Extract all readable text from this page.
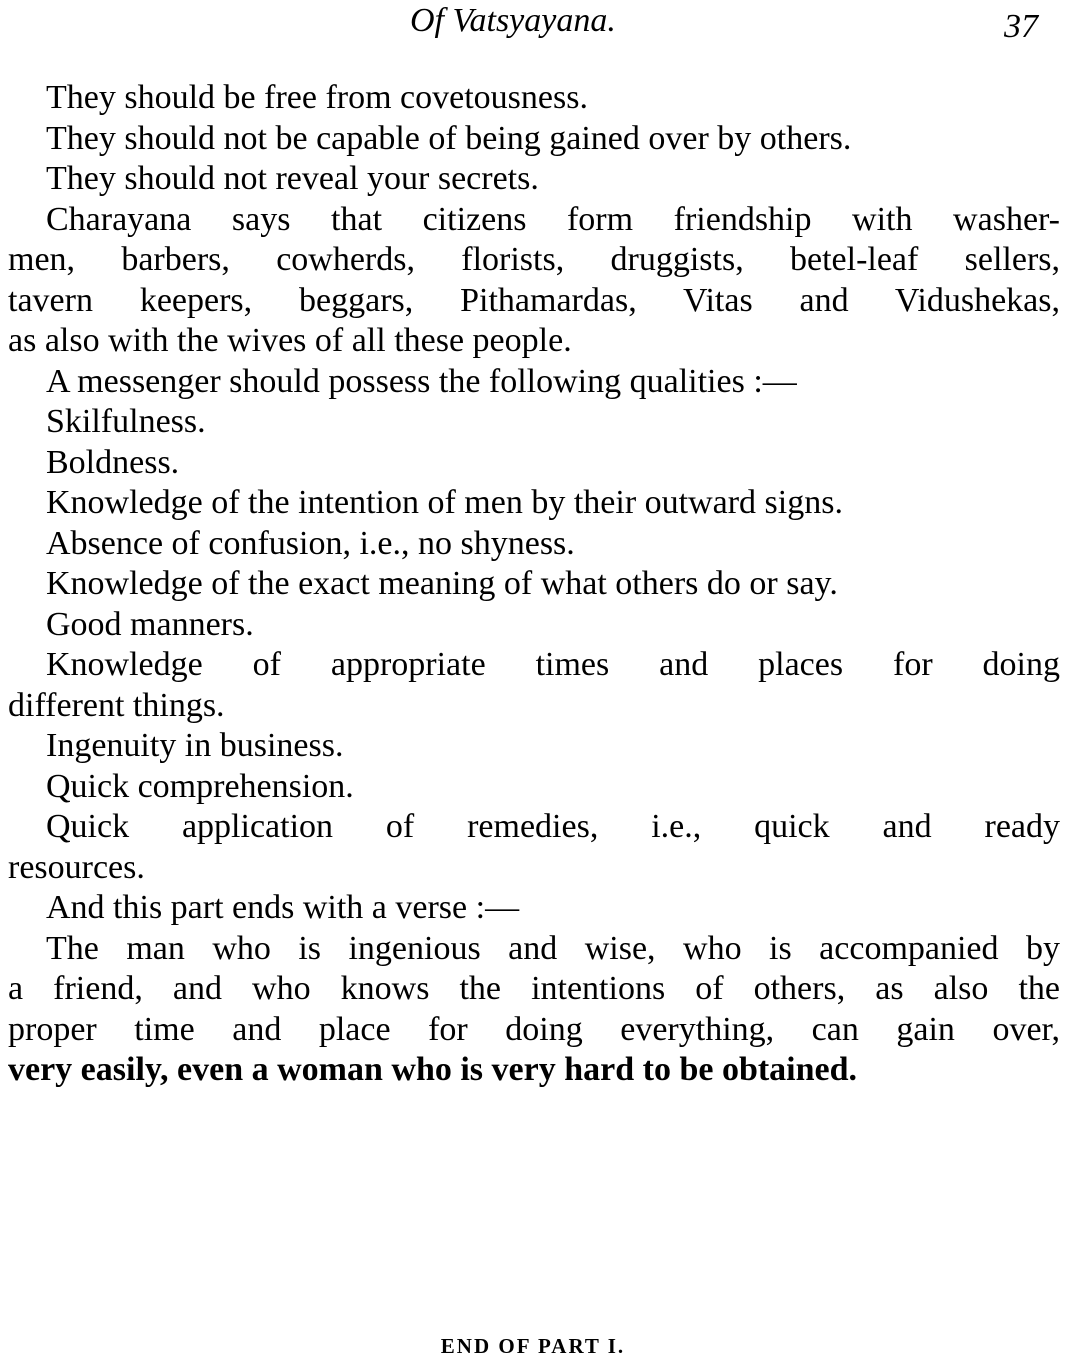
Of Vatsyayana.	37
They should be free from covetousness.
They should not be capable of being gained over by others.
They should not reveal your secrets.
Charayana says that citizens form friendship with washer-
men, barbers, cowherds, florists, druggists, betel-leaf sellers,
tavern keepers, beggars, Pithamardas, Vitas and Vidushekas,
as also with the wives of all these people.
A messenger should possess the following qualities :—
Skilfulness.
Boldness.
Knowledge of the intention of men by their outward signs.
Absence of confusion, i.e., no shyness.
Knowledge of the exact meaning of what others do or say.
Good manners.
Knowledge of appropriate times and places for doing
different things.
Ingenuity in business.
Quick comprehension.
Quick application of remedies, i.e., quick and ready
resources.
And this part ends with a verse :—
The man who is ingenious and wise, who is accompanied by
a friend, and who knows the intentions of others, as also the
proper time and place for doing everything, can gain over,
very easily, even a woman who is very hard to be obtained.
END OF PART I.
